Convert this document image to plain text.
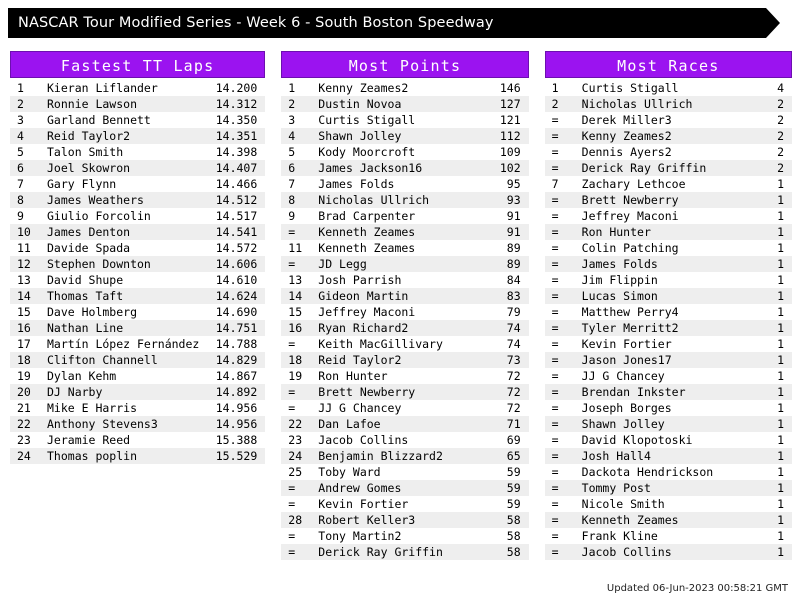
NASCAR Tour Modified Series - Week 6 - South Boston Speedway
Fastest TT Laps
1	Kieran Liflander	14.200
2	Ronnie Lawson	14.312
3	Garland Bennett	14.350
4	Reid Taylor2	14.351
5	Talon Smith	14.398
6	Joel Skowron	14.407
7	Gary Flynn	14.466
8	James Weathers	14.512
9	Giulio Forcolin	14.517
10	James Denton	14.541
11	Davide Spada	14.572
12	Stephen Downton	14.606
13	David Shupe	14.610
14	Thomas Taft	14.624
15	Dave Holmberg	14.690
16	Nathan Line	14.751
17	Martín López Fernández	14.788
18	Clifton Channell	14.829
19	Dylan Kehm	14.867
20	DJ Narby	14.892
21	Mike E Harris	14.956
22	Anthony Stevens3	14.956
23	Jeramie Reed	15.388
24	Thomas poplin	15.529
Most Points
1	Kenny Zeames2	146
2	Dustin Novoa	127
3	Curtis Stigall	121
4	Shawn Jolley	112
5	Kody Moorcroft	109
6	James Jackson16	102
7	James Folds	95
8	Nicholas Ullrich	93
9	Brad Carpenter	91
=	Kenneth Zeames	91
11	Kenneth Zeames	89
=	JD Legg	89
13	Josh Parrish	84
14	Gideon Martin	83
15	Jeffrey Maconi	79
16	Ryan Richard2	74
=	Keith MacGillivary	74
18	Reid Taylor2	73
19	Ron Hunter	72
=	Brett Newberry	72
=	JJ G Chancey	72
22	Dan Lafoe	71
23	Jacob Collins	69
24	Benjamin Blizzard2	65
25	Toby Ward	59
=	Andrew Gomes	59
=	Kevin Fortier	59
28	Robert Keller3	58
=	Tony Martin2	58
=	Derick Ray Griffin	58
Most Races
1	Curtis Stigall	4
2	Nicholas Ullrich	2
=	Derek Miller3	2
=	Kenny Zeames2	2
=	Dennis Ayers2	2
=	Derick Ray Griffin	2
7	Zachary Lethcoe	1
=	Brett Newberry	1
=	Jeffrey Maconi	1
=	Ron Hunter	1
=	Colin Patching	1
=	James Folds	1
=	Jim Flippin	1
=	Lucas Simon	1
=	Matthew Perry4	1
=	Tyler Merritt2	1
=	Kevin Fortier	1
=	Jason Jones17	1
=	JJ G Chancey	1
=	Brendan Inkster	1
=	Joseph Borges	1
=	Shawn Jolley	1
=	David Klopotoski	1
=	Josh Hall4	1
=	Dackota Hendrickson	1
=	Tommy Post	1
=	Nicole Smith	1
=	Kenneth Zeames	1
=	Frank Kline	1
=	Jacob Collins	1
Updated 06-Jun-2023 00:58:21 GMT
